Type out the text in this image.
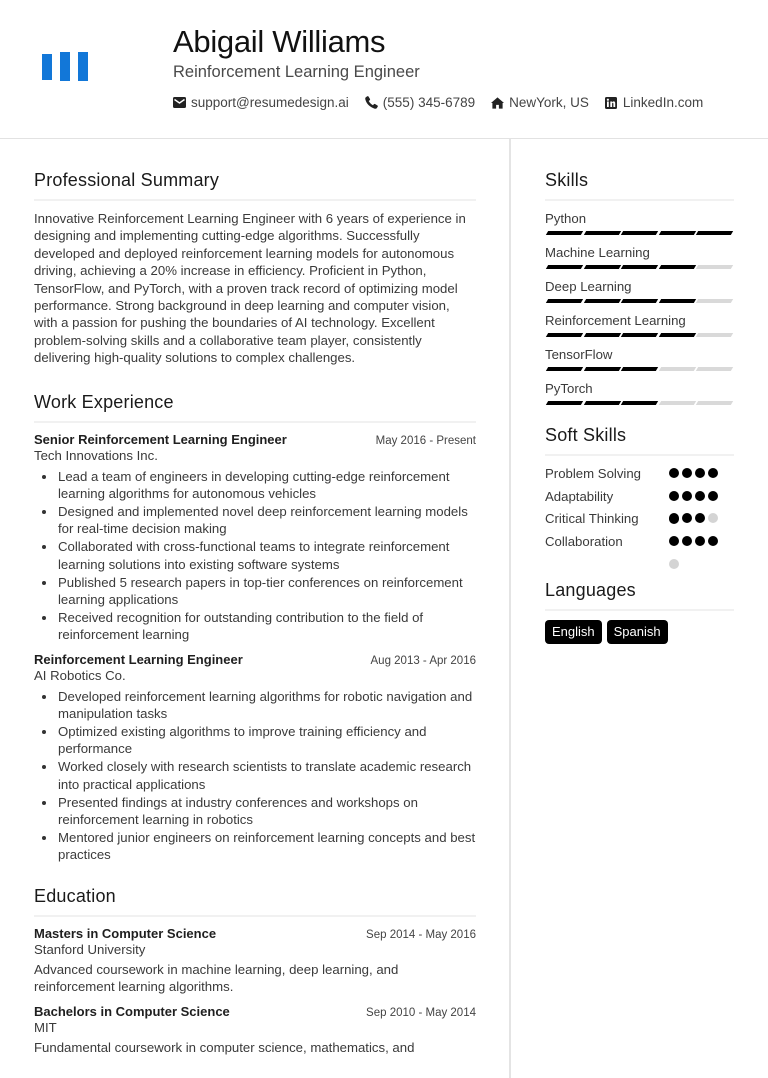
Abigail Williams
Reinforcement Learning Engineer
support@resumedesign.ai	(555) 345-6789	NewYork, US	LinkedIn.com
Professional Summary

Innovative Reinforcement Learning Engineer with 6 years of experience in designing and implementing cutting-edge algorithms. Successfully developed and deployed reinforcement learning models for autonomous driving, achieving a 20% increase in efficiency. Proficient in Python, TensorFlow, and PyTorch, with a proven track record of optimizing model performance. Strong background in deep learning and computer vision, with a passion for pushing the boundaries of AI technology. Excellent problem-solving skills and a collaborative team player, consistently delivering high-quality solutions to complex challenges.

Work Experience
Senior Reinforcement Learning Engineer	May 2016 - Present
Tech Innovations Inc.
Lead a team of engineers in developing cutting-edge reinforcement learning algorithms for autonomous vehicles
Designed and implemented novel deep reinforcement learning models for real-time decision making
Collaborated with cross-functional teams to integrate reinforcement learning solutions into existing software systems
Published 5 research papers in top-tier conferences on reinforcement learning applications
Received recognition for outstanding contribution to the field of reinforcement learning
Reinforcement Learning Engineer	Aug 2013 - Apr 2016
AI Robotics Co.
Developed reinforcement learning algorithms for robotic navigation and manipulation tasks
Optimized existing algorithms to improve training efficiency and performance
Worked closely with research scientists to translate academic research into practical applications
Presented findings at industry conferences and workshops on reinforcement learning in robotics
Mentored junior engineers on reinforcement learning concepts and best practices
Education
Masters in Computer Science	Sep 2014 - May 2016
Stanford University
Advanced coursework in machine learning, deep learning, and reinforcement learning algorithms.
Bachelors in Computer Science	Sep 2010 - May 2014
MIT
Fundamental coursework in computer science, mathematics, and
Skills
Python
Machine Learning
Deep Learning
Reinforcement Learning
TensorFlow
PyTorch
Soft Skills
Problem Solving
Adaptability
Critical Thinking
Collaboration
Languages
English	Spanish
